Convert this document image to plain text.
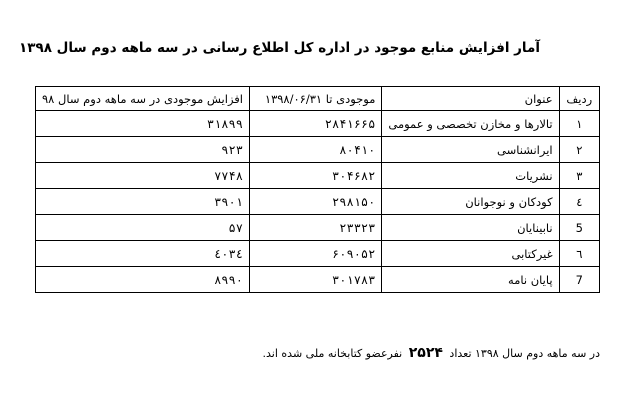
آمار افزایش منابع موجود در اداره کل اطلاع رسانی در سه ماهه دوم سال ۱۳۹۸
ردیف	عنوان	موجودی تا ۱۳۹۸/۰۶/۳۱	افزایش موجودی در سه ماهه دوم سال ۹۸
۱	تالارها و مخازن تخصصی و عمومی	۲۸۴۱۶۶۵	۳۱۸۹۹
۲	ایرانشناسی	۸۰۴۱۰	۹۲۳
۳	نشریات	۳۰۴۶۸۲	۷۷۴۸
٤	کودکان و نوجوانان	۲۹۸۱۵۰	۳۹۰۱
5	نابینایان	۲۳۳۲۳	۵۷
٦	غیرکتابی	۶۰۹۰۵۲	٤۰۳٤
7	پایان نامه	۳۰۱۷۸۳	۸۹۹۰
در سه ماهه دوم سال ۱۳۹۸ تعداد ۲۵۲۴ نفرعضو کتابخانه ملی شده اند.
